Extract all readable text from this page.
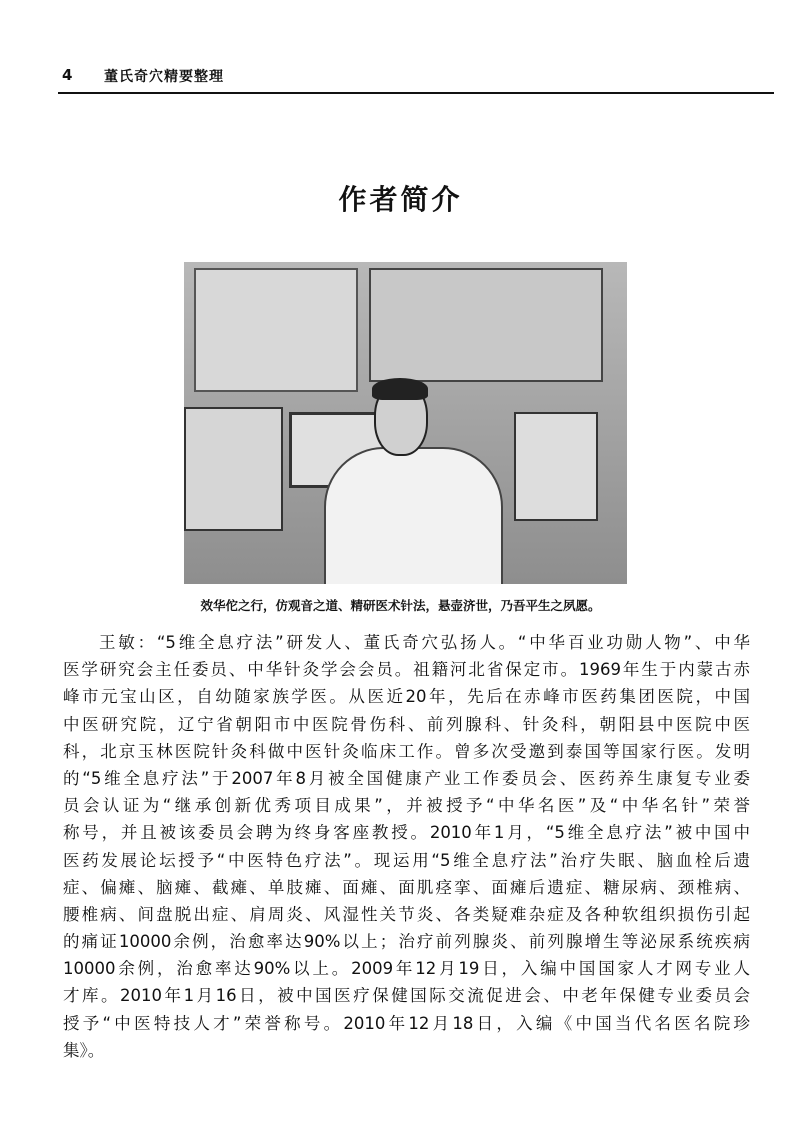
4 董氏奇穴精要整理
作者简介
效华佗之行，仿观音之道、精研医术针法，悬壶济世，乃吾平生之夙愿。
王敏：“5维全息疗法”研发人、董氏奇穴弘扬人。“中华百业功勋人物”、中华
医学研究会主任委员、中华针灸学会会员。祖籍河北省保定市。1969年生于内蒙古赤
峰市元宝山区，自幼随家族学医。从医近20年，先后在赤峰市医药集团医院，中国
中医研究院，辽宁省朝阳市中医院骨伤科、前列腺科、针灸科，朝阳县中医院中医
科，北京玉林医院针灸科做中医针灸临床工作。曾多次受邀到泰国等国家行医。发明
的“5维全息疗法”于2007年8月被全国健康产业工作委员会、医药养生康复专业委
员会认证为“继承创新优秀项目成果”，并被授予“中华名医”及“中华名针”荣誉
称号，并且被该委员会聘为终身客座教授。2010年1月，“5维全息疗法”被中国中
医药发展论坛授予“中医特色疗法”。现运用“5维全息疗法”治疗失眠、脑血栓后遗
症、偏瘫、脑瘫、截瘫、单肢瘫、面瘫、面肌痉挛、面瘫后遗症、糖尿病、颈椎病、
腰椎病、间盘脱出症、肩周炎、风湿性关节炎、各类疑难杂症及各种软组织损伤引起
的痛证10000余例，治愈率达90%以上；治疗前列腺炎、前列腺增生等泌尿系统疾病
10000余例，治愈率达90%以上。2009年12月19日，入编中国国家人才网专业人
才库。2010年1月16日，被中国医疗保健国际交流促进会、中老年保健专业委员会
授予“中医特技人才”荣誉称号。2010年12月18日，入编《中国当代名医名院珍
集》。
